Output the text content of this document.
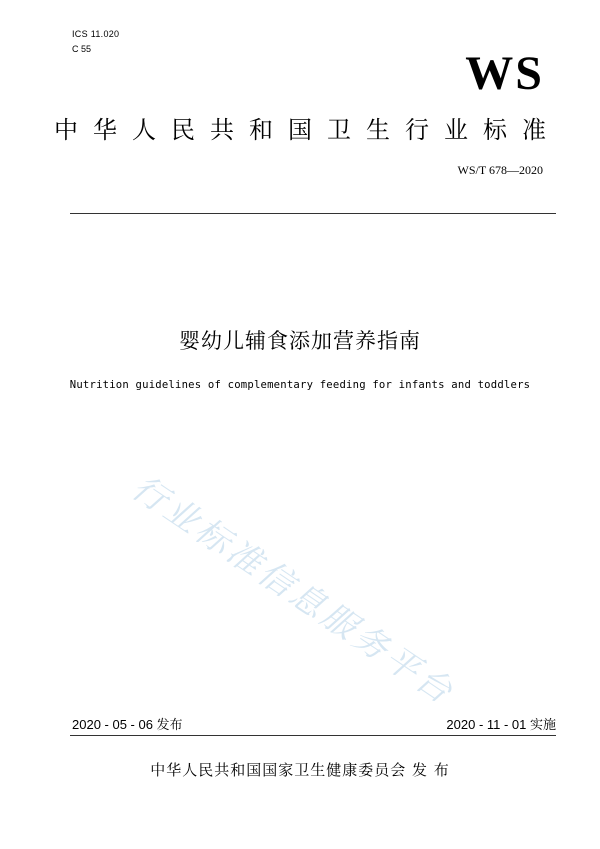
ICS 11.020
C 55	WS
中华人民共和国卫生行业标准
WS/T 678—2020
婴幼儿辅食添加营养指南
Nutrition guidelines of complementary feeding for infants and toddlers
行业标准信息服务平台
2020 - 05 - 06 发布	2020 - 11 - 01 实施
中华人民共和国国家卫生健康委员会 发 布
